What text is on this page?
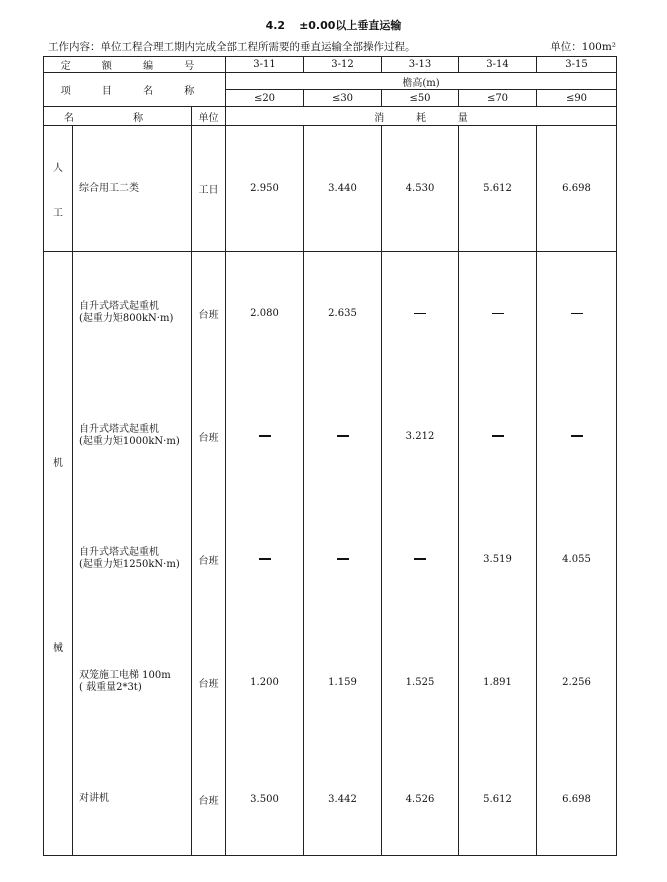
4.2 ±0.00以上垂直运输
工作内容：单位工程合理工期内完成全部工程所需要的垂直运输全部操作过程。	单位：100m²
定 额 编 号			3-11	3-12	3-13	3-14	3-15
项 目 名 称			檐高(m)				
			≤20	≤30	≤50	≤70	≤90
名 称		单位	消          耗          量				

人
工	综合用工二类	工日	2.950	3.440	4.530	5.612	6.698

机
械	自升式塔式起重机
(起重力矩800kN·m)	台班	2.080	2.635			
	自升式塔式起重机
(起重力矩1000kN·m)	台班			3.212		
	自升式塔式起重机
(起重力矩1250kN·m)	台班				3.519	4.055
	双笼施工电梯 100m
( 载重量2*3t)	台班	1.200	1.159	1.525	1.891	2.256
	对讲机	台班	3.500	3.442	4.526	5.612	6.698
